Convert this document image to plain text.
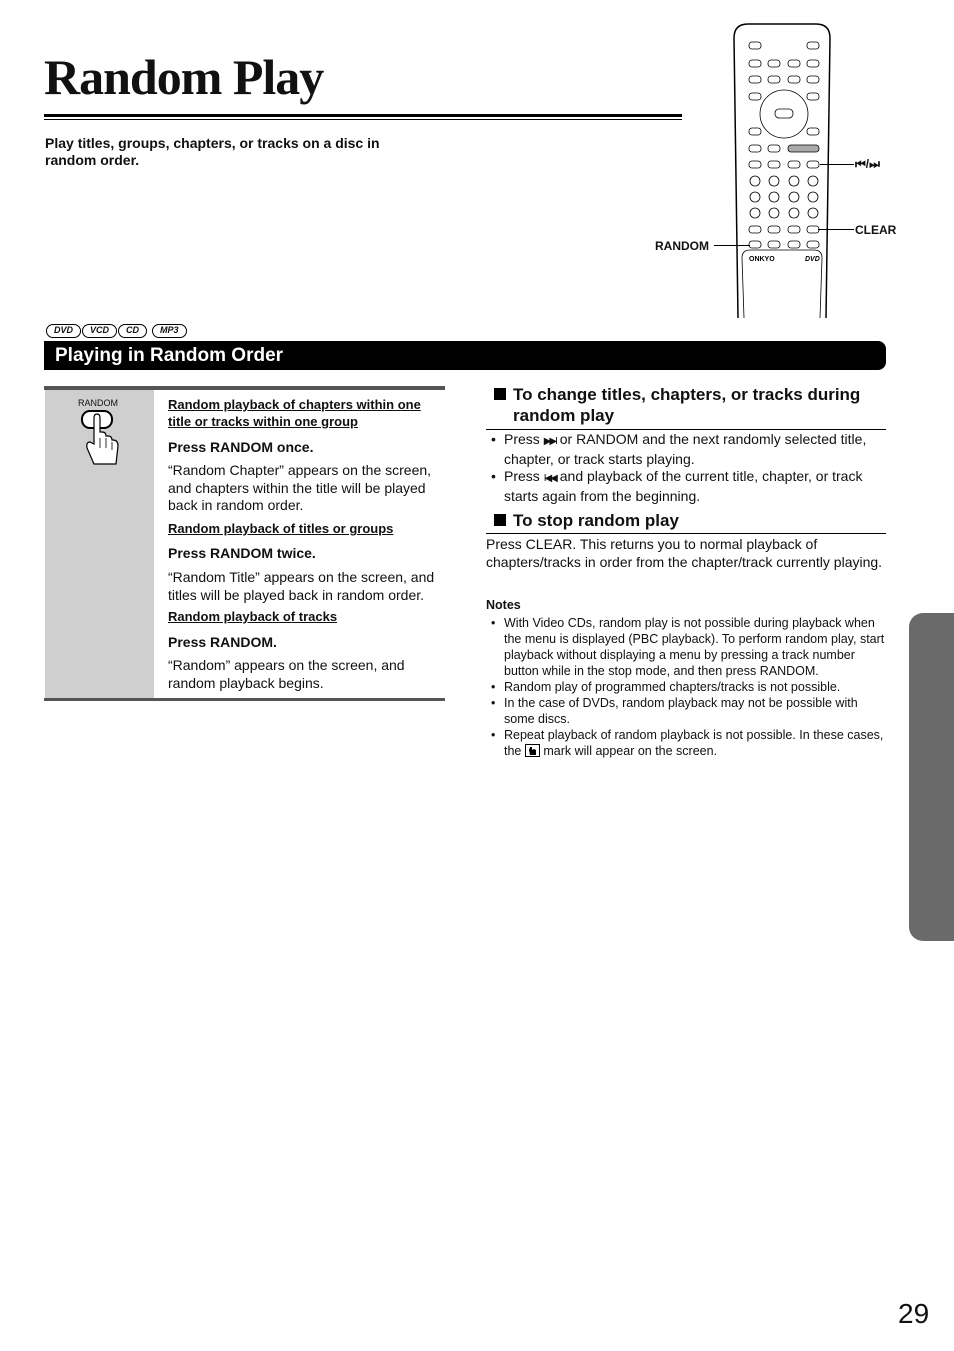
Random Play
Play titles, groups, chapters, or tracks on a disc in random order.
ONKYO	DVD
⏮/⏭
CLEAR
RANDOM
DVD	VCD	CD	MP3
Playing in Random Order
RANDOM	Random playback of chapters within one title or tracks within one group
Press RANDOM once.
“Random Chapter” appears on the screen, and chapters within the title will be played back in random order.
Random playback of titles or groups
Press RANDOM twice.
“Random Title” appears on the screen, and titles will be played back in random order.
Random playback of tracks
Press RANDOM.
“Random” appears on the screen, and random playback begins.
To change titles, chapters, or tracks during random play
• Press ▶▶I or RANDOM and the next randomly selected title, chapter, or track starts playing.
• Press I◀◀ and playback of the current title, chapter, or track starts again from the beginning.
To stop random play
Press CLEAR. This returns you to normal playback of chapters/tracks in order from the chapter/track currently playing.
Notes
• With Video CDs, random play is not possible during playback when the menu is displayed (PBC playback). To perform random play, start playback without displaying a menu by pressing a track number button while in the stop mode, and then press RANDOM.
• Random play of programmed chapters/tracks is not possible.
• In the case of DVDs, random playback may not be possible with some discs.
• Repeat playback of random playback is not possible. In these cases, the mark will appear on the screen.
29
